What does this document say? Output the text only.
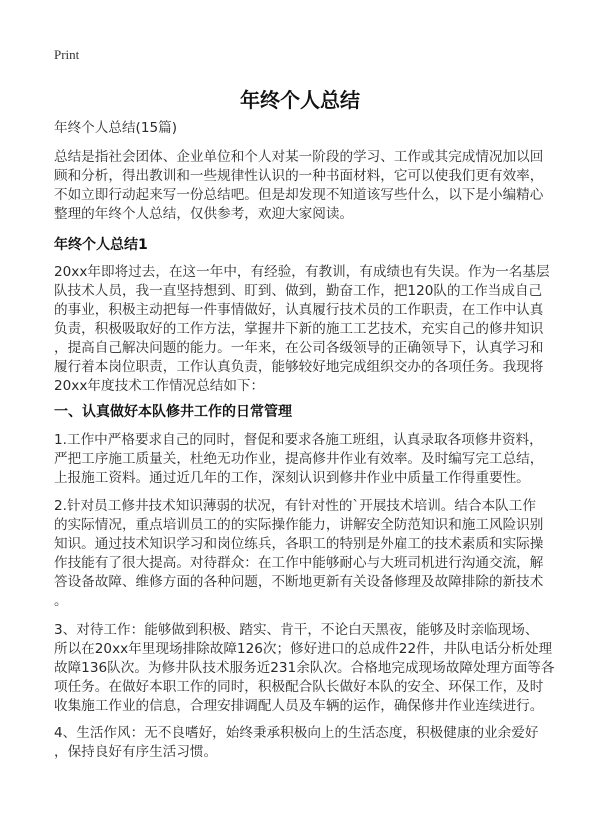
Print
年终个人总结
年终个人总结(15篇)
总结是指社会团体、企业单位和个人对某一阶段的学习、工作或其完成情况加以回
顾和分析，得出教训和一些规律性认识的一种书面材料，它可以使我们更有效率，
不如立即行动起来写一份总结吧。但是却发现不知道该写些什么，以下是小编精心
整理的年终个人总结，仅供参考，欢迎大家阅读。
年终个人总结1
20xx年即将过去，在这一年中，有经验，有教训，有成绩也有失误。作为一名基层
队技术人员，我一直坚持想到、盯到、做到，勤奋工作，把120队的工作当成自己
的事业，积极主动把每一件事情做好，认真履行技术员的工作职责，在工作中认真
负责，积极吸取好的工作方法，掌握井下新的施工工艺技术，充实自己的修井知识
，提高自己解决问题的能力。一年来，在公司各级领导的正确领导下，认真学习和
履行着本岗位职责，工作认真负责，能够较好地完成组织交办的各项任务。我现将
20xx年度技术工作情况总结如下：
一、认真做好本队修井工作的日常管理
1.工作中严格要求自己的同时，督促和要求各施工班组，认真录取各项修井资料，
严把工序施工质量关，杜绝无功作业，提高修井作业有效率。及时编写完工总结，
上报施工资料。通过近几年的工作，深刻认识到修井作业中质量工作得重要性。
2.针对员工修井技术知识薄弱的状况，有针对性的`开展技术培训。结合本队工作
的实际情况，重点培训员工的的实际操作能力，讲解安全防范知识和施工风险识别
知识。通过技术知识学习和岗位练兵，各职工的特别是外雇工的技术素质和实际操
作技能有了很大提高。对待群众：在工作中能够耐心与大班司机进行沟通交流，解
答设备故障、维修方面的各种问题，不断地更新有关设备修理及故障排除的新技术
。
3、对待工作：能够做到积极、踏实、肯干，不论白天黑夜，能够及时亲临现场、
所以在20xx年里现场排除故障126次；修好进口的总成件22件，井队电话分析处理
故障136队次。为修井队技术服务近231余队次。合格地完成现场故障处理方面等各
项任务。在做好本职工作的同时，积极配合队长做好本队的安全、环保工作，及时
收集施工作业的信息，合理安排调配人员及车辆的运作，确保修井作业连续进行。
4、生活作风：无不良嗜好，始终秉承积极向上的生活态度，积极健康的业余爱好
，保持良好有序生活习惯。
